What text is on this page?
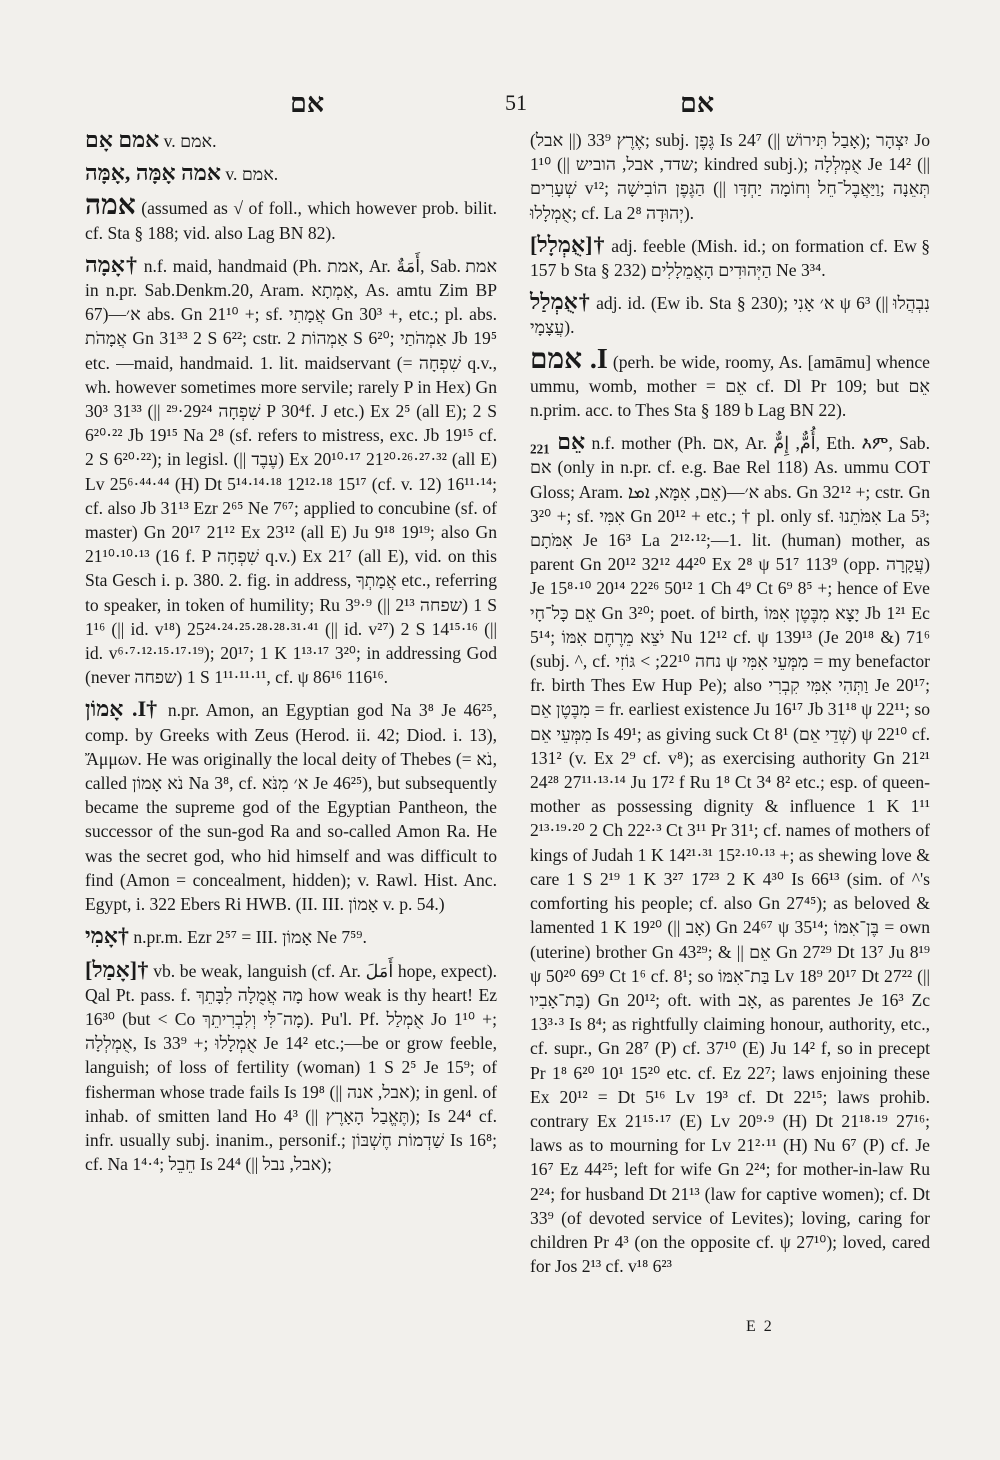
אם	51	אם

אמם אָם v. אמם.

אמה אָמָּה ,אָמָּה v. אמם.

אמה (assumed as √ of foll., which however prob. bilit. cf. Sta § 188; vid. also Lag BN 82).

†אָמָה n.f. maid, handmaid (Ph. אמת, Ar. أَمَةٌ, Sab. אמת in n.pr. Sab.Denkm.20, Aram. אַמְתָא, As. amtu Zim BP 67)—א׳ abs. Gn 21¹⁰ +; sf. אֲמָתִי Gn 30³ +, etc.; pl. abs. אֲמָהֹת Gn 31³³ 2 S 6²²; cstr. אַמְהוֹת 2 S 6²⁰; אַמְהֹתַי Jb 19⁵ etc. —maid, handmaid. 1. lit. maidservant (= שִׁפְחָה q.v., wh. however sometimes more servile; rarely P in Hex) Gn 30³ 31³³ (|| שִׁפְחָה 29²⁴·²⁹ P 30⁴f. J etc.) Ex 2⁵ (all E); 2 S 6²⁰·²² Jb 19¹⁵ Na 2⁸ (sf. refers to mistress, exc. Jb 19¹⁵ cf. 2 S 6²⁰·²²); in legisl. (|| עֶבֶד) Ex 20¹⁰·¹⁷ 21²⁰·²⁶·²⁷·³² (all E) Lv 25⁶·⁴⁴·⁴⁴ (H) Dt 5¹⁴·¹⁴·¹⁸ 12¹²·¹⁸ 15¹⁷ (cf. v. 12) 16¹¹·¹⁴; cf. also Jb 31¹³ Ezr 2⁶⁵ Ne 7⁶⁷; applied to concubine (sf. of master) Gn 20¹⁷ 21¹² Ex 23¹² (all E) Ju 9¹⁸ 19¹⁹; also Gn 21¹⁰·¹⁰·¹³ (16 f. P שִׁפְחָה q.v.) Ex 21⁷ (all E), vid. on this Sta Gesch i. p. 380. 2. fig. in address, אֲמָתְךָ etc., referring to speaker, in token of humility; Ru 3⁹·⁹ (|| שפחה 2¹³) 1 S 1¹⁶ (|| id. v¹⁸) 25²⁴·²⁴·²⁵·²⁸·²⁸·³¹·⁴¹ (|| id. v²⁷) 2 S 14¹⁵·¹⁶ (|| id. v⁶·⁷·¹²·¹⁵·¹⁷·¹⁹); 20¹⁷; 1 K 1¹³·¹⁷ 3²⁰; in addressing God (never שפחה) 1 S 1¹¹·¹¹·¹¹, cf. ψ 86¹⁶ 116¹⁶.

†I. אָמוֹן n.pr. Amon, an Egyptian god Na 3⁸ Je 46²⁵, comp. by Greeks with Zeus (Herod. ii. 42; Diod. i. 13), Ἄμμων. He was originally the local deity of Thebes (= נֹא, called נֹא אָמוֹן Na 3⁸, cf. א׳ מִנֹּא Je 46²⁵), but subsequently became the supreme god of the Egyptian Pantheon, the successor of the sun-god Ra and so-called Amon Ra. He was the secret god, who hid himself and was difficult to find (Amon = concealment, hidden); v. Rawl. Hist. Anc. Egypt, i. 322 Ebers Ri HWB. (II. III. אָמוֹן v. p. 54.)

†אָמִי n.pr.m. Ezr 2⁵⁷ = III. אָמוֹן Ne 7⁵⁹.

†[אָמַל] vb. be weak, languish (cf. Ar. أَمَلَ hope, expect). Qal Pt. pass. f. מָה אֲמֻלָה לִבָּתֵךְ how weak is thy heart! Ez 16³⁰ (but < Co מָה־לִּי וְלִבְרִיתֵךְ). Pu'l. Pf. אֻמְלַל Jo 1¹⁰ +; אֻמְלְלָה, Is 33⁹ +; אֻמְלָלוּ Je 14² etc.;—be or grow feeble, languish; of loss of fertility (woman) 1 S 2⁵ Je 15⁹; of fisherman whose trade fails Is 19⁸ (|| אבל, אנה); in genl. of inhab. of smitten land Ho 4³ (|| תֶּאֱבַל הָאָרֶץ); Is 24⁴ cf. infr. usually subj. inanim., personif.; שַׁדְמוֹת חֶשְׁבּוֹן Is 16⁸; cf. Na 1⁴·⁴; חֵבֵל Is 24⁴ (|| אבל, נבל);

אֶרֶץ 33⁹ (|| אבל); subj. גֶּפֶן Is 24⁷ (|| אָבַל תִּירוֹשׁ); יִצְהָר Jo 1¹⁰ (|| שדד, אבל, הוביש; kindred subj.); אֻמְלְלָה Je 14² (|| שְׁעָרִים v¹²; הַגֶּפֶן הוֹבִישָׁה (|| תְּאֵנָה ;וַיַּאֲבֶל־חֵל וְחוֹמָה יַחְדָּו אֻמְלָלוּ; cf. La 2⁸ יְהוּדָה).

†[אֻמְלָל] adj. feeble (Mish. id.; on formation cf. Ew § 157 b Sta § 232) הַיְּהוּדִים הָאֲמֵלָלִים Ne 3³⁴.

†אֻמְלַל adj. id. (Ew ib. Sta § 230); א׳ אָנִי ψ 6³ (|| נִבְהֲלוּ עֲצָמָי).

I. אמם (perh. be wide, roomy, As. [amāmu] whence ummu, womb, mother = אֵם cf. Dl Pr 109; but אֵם n.prim. acc. to Thes Sta § 189 b Lag BN 22).

אֵם ₂₂₁ n.f. mother (Ph. אם, Ar. أُمٌّ, إِمٌّ, Eth. እም, Sab. אם (only in n.pr. cf. e.g. Bae Rel 118) As. ummu COT Gloss; Aram. אֵם, אִמָּא, ܐܡܐ)—א׳ abs. Gn 32¹² +; cstr. Gn 3²⁰ +; sf. אִמִּי Gn 20¹² + etc.; † pl. only sf. אִמֹּתֵנוּ La 5³; אִמֹּתָם Je 16³ La 2¹²·¹²;—1. lit. (human) mother, as parent Gn 20¹² 32¹² 44²⁰ Ex 2⁸ ψ 51⁷ 113⁹ (opp. עֲקָרָה) Je 15⁸·¹⁰ 20¹⁴ 22²⁶ 50¹² 1 Ch 4⁹ Ct 6⁹ 8⁵ +; hence of Eve אֵם כָּל־חָי Gn 3²⁰; poet. of birth, יָצָא מִבֶּטֶן אִמּוֹ Jb 1²¹ Ec 5¹⁴; יֹצֵא מֵרֶחֶם אִמּוֹ Nu 12¹² cf. ψ 139¹³ (Je 20¹⁸ &) 71⁶ (subj. ^, cf. נחה 22¹⁰; > גּוֹזִי ψ מִמְּעֵי אִמִּי = my benefactor fr. birth Thes Ew Hup Pe); also וַתְּהִי אִמִּי קִבְרִי Je 20¹⁷; מִבֶּטֶן אֵם = fr. earliest existence Ju 16¹⁷ Jb 31¹⁸ ψ 22¹¹; so מִמְּעֵי אֵם Is 49¹; as giving suck Ct 8¹ (שְׁדֵי אֵם) ψ 22¹⁰ cf. 131² (v. Ex 2⁹ cf. v⁸); as exercising authority Gn 21²¹ 24²⁸ 27¹¹·¹³·¹⁴ Ju 17² f Ru 1⁸ Ct 3⁴ 8² etc.; esp. of queen-mother as possessing dignity & influence 1 K 1¹¹ 2¹³·¹⁹·²⁰ 2 Ch 22²·³ Ct 3¹¹ Pr 31¹; cf. names of mothers of kings of Judah 1 K 14²¹·³¹ 15²·¹⁰·¹³ +; as shewing love & care 1 S 2¹⁹ 1 K 3²⁷ 17²³ 2 K 4³⁰ Is 66¹³ (sim. of ^'s comforting his people; cf. also Gn 27⁴⁵); as beloved & lamented 1 K 19²⁰ (|| אָב) Gn 24⁶⁷ ψ 35¹⁴; בֶּן־אִמּוֹ = own (uterine) brother Gn 43²⁹; & || אֵם Gn 27²⁹ Dt 13⁷ Ju 8¹⁹ ψ 50²⁰ 69⁹ Ct 1⁶ cf. 8¹; so בַּת־אִמּוֹ Lv 18⁹ 20¹⁷ Dt 27²² (|| בַּת־אָבִיו) Gn 20¹²; oft. with אָב, as parentes Je 16³ Zc 13³·³ Is 8⁴; as rightfully claiming honour, authority, etc., cf. supr., Gn 28⁷ (P) cf. 37¹⁰ (E) Ju 14² f, so in precept Pr 1⁸ 6²⁰ 10¹ 15²⁰ etc. cf. Ez 22⁷; laws enjoining these Ex 20¹² = Dt 5¹⁶ Lv 19³ cf. Dt 22¹⁵; laws prohib. contrary Ex 21¹⁵·¹⁷ (E) Lv 20⁹·⁹ (H) Dt 21¹⁸·¹⁹ 27¹⁶; laws as to mourning for Lv 21²·¹¹ (H) Nu 6⁷ (P) cf. Je 16⁷ Ez 44²⁵; left for wife Gn 2²⁴; for mother-in-law Ru 2²⁴; for husband Dt 21¹³ (law for captive women); cf. Dt 33⁹ (of devoted service of Levites); loving, caring for children Pr 4³ (on the opposite cf. ψ 27¹⁰); loved, cared for Jos 2¹³ cf. v¹⁸ 6²³

E 2
